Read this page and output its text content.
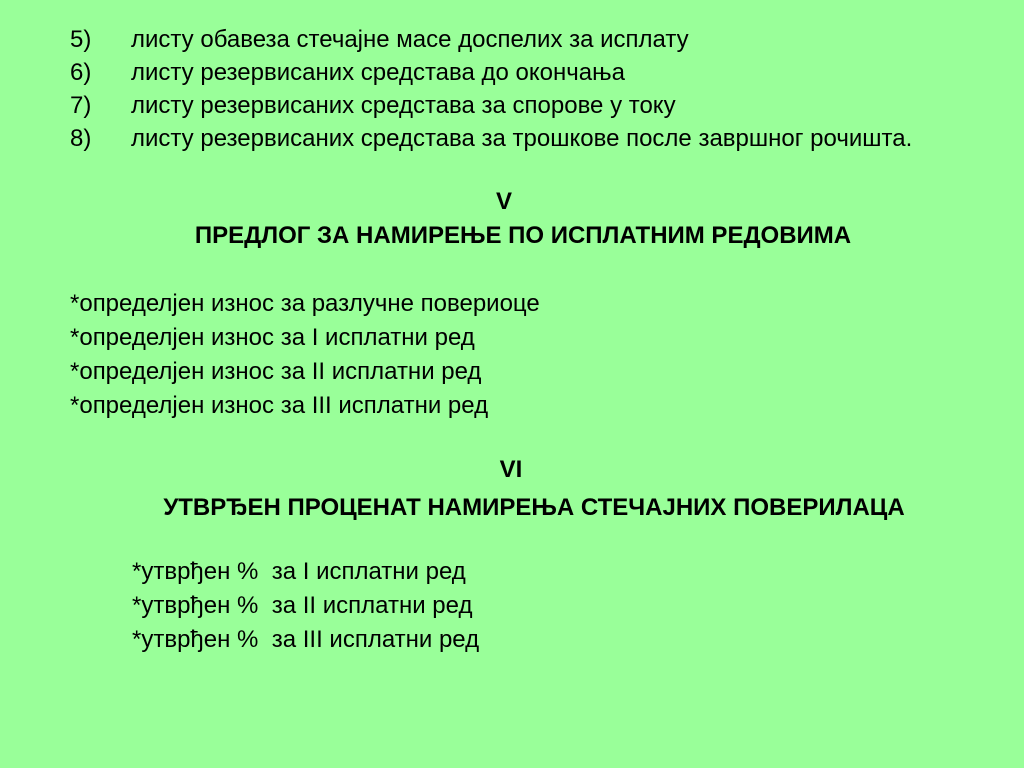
5)	листу обавеза стечајне масе доспелих за исплату
6)	листу резервисаних средстава до окончања
7)	листу резервисаних средстава за спорове у току
8)	листу резервисаних средстава за трошкове после завршног рочишта.
V
ПРЕДЛОГ ЗА НАМИРЕЊЕ ПО ИСПЛАТНИМ РЕДОВИМА
*определјен износ за разлучне повериоце
*определјен износ за I исплатни ред
*определјен износ за II исплатни ред
*определјен износ за III исплатни ред
VI
УТВРЂЕН ПРОЦЕНАТ НАМИРЕЊА СТЕЧАЈНИХ ПОВЕРИЛАЦА
*утврђен %  за I исплатни ред
*утврђен %  за II исплатни ред
*утврђен %  за III исплатни ред
